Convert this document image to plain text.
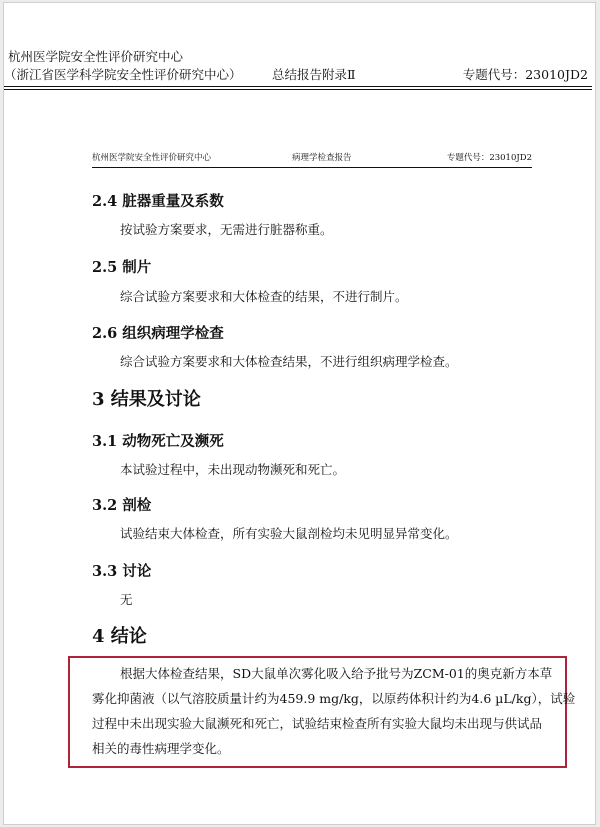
杭州医学院安全性评价研究中心
（浙江省医学科学院安全性评价研究中心） 总结报告附录Ⅱ	专题代号：23010JD2
杭州医学院安全性评价研究中心	病理学检查报告	专题代号：23010JD2
2.4 脏器重量及系数
按试验方案要求，无需进行脏器称重。
2.5 制片
综合试验方案要求和大体检查的结果，不进行制片。
2.6 组织病理学检查
综合试验方案要求和大体检查结果，不进行组织病理学检查。
3 结果及讨论
3.1 动物死亡及濒死
本试验过程中，未出现动物濒死和死亡。
3.2 剖检
试验结束大体检查，所有实验大鼠剖检均未见明显异常变化。
3.3 讨论
无
4 结论
根据大体检查结果，SD大鼠单次雾化吸入给予批号为ZCM-01的奥克新方本草
雾化抑菌液（以气溶胶质量计约为459.9 mg/kg，以原药体积计约为4.6 µL/kg），试验
过程中未出现实验大鼠濒死和死亡，试验结束检查所有实验大鼠均未出现与供试品
相关的毒性病理学变化。
